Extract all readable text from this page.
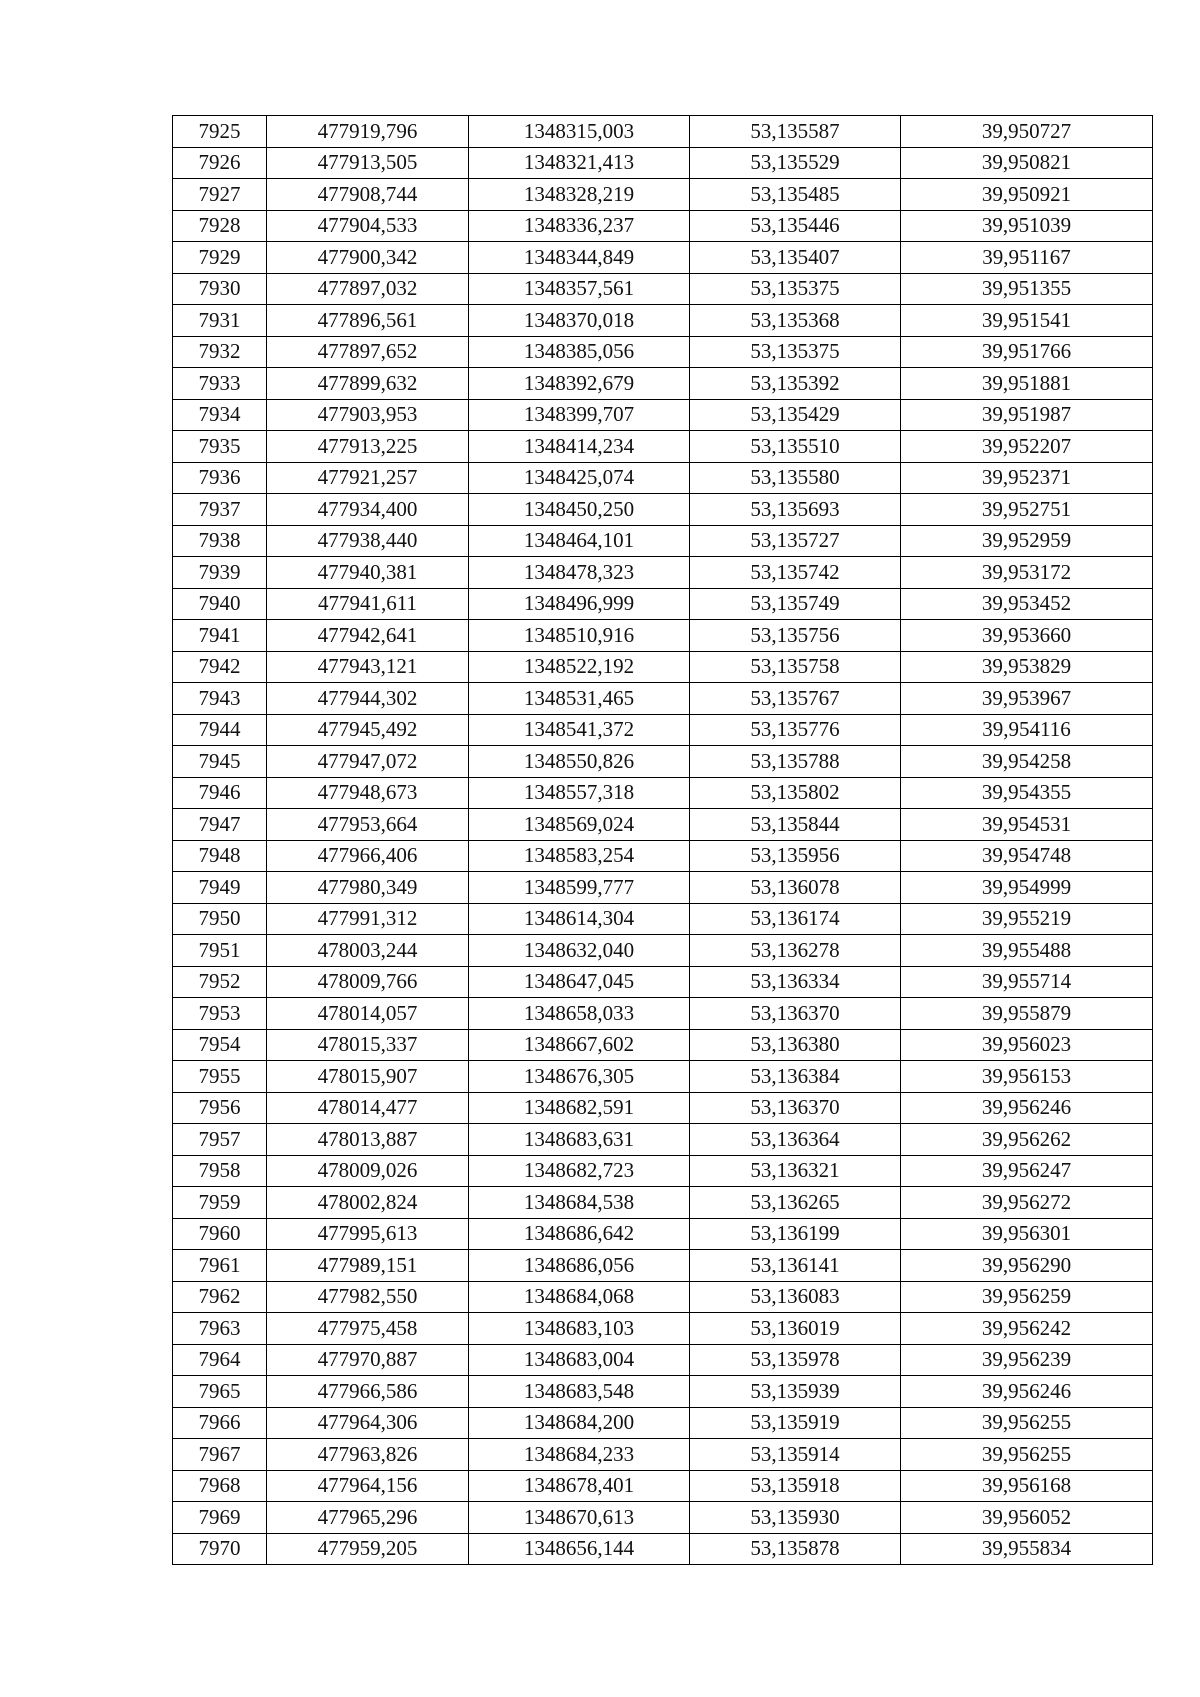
7925	477919,796	1348315,003	53,135587	39,950727
7926	477913,505	1348321,413	53,135529	39,950821
7927	477908,744	1348328,219	53,135485	39,950921
7928	477904,533	1348336,237	53,135446	39,951039
7929	477900,342	1348344,849	53,135407	39,951167
7930	477897,032	1348357,561	53,135375	39,951355
7931	477896,561	1348370,018	53,135368	39,951541
7932	477897,652	1348385,056	53,135375	39,951766
7933	477899,632	1348392,679	53,135392	39,951881
7934	477903,953	1348399,707	53,135429	39,951987
7935	477913,225	1348414,234	53,135510	39,952207
7936	477921,257	1348425,074	53,135580	39,952371
7937	477934,400	1348450,250	53,135693	39,952751
7938	477938,440	1348464,101	53,135727	39,952959
7939	477940,381	1348478,323	53,135742	39,953172
7940	477941,611	1348496,999	53,135749	39,953452
7941	477942,641	1348510,916	53,135756	39,953660
7942	477943,121	1348522,192	53,135758	39,953829
7943	477944,302	1348531,465	53,135767	39,953967
7944	477945,492	1348541,372	53,135776	39,954116
7945	477947,072	1348550,826	53,135788	39,954258
7946	477948,673	1348557,318	53,135802	39,954355
7947	477953,664	1348569,024	53,135844	39,954531
7948	477966,406	1348583,254	53,135956	39,954748
7949	477980,349	1348599,777	53,136078	39,954999
7950	477991,312	1348614,304	53,136174	39,955219
7951	478003,244	1348632,040	53,136278	39,955488
7952	478009,766	1348647,045	53,136334	39,955714
7953	478014,057	1348658,033	53,136370	39,955879
7954	478015,337	1348667,602	53,136380	39,956023
7955	478015,907	1348676,305	53,136384	39,956153
7956	478014,477	1348682,591	53,136370	39,956246
7957	478013,887	1348683,631	53,136364	39,956262
7958	478009,026	1348682,723	53,136321	39,956247
7959	478002,824	1348684,538	53,136265	39,956272
7960	477995,613	1348686,642	53,136199	39,956301
7961	477989,151	1348686,056	53,136141	39,956290
7962	477982,550	1348684,068	53,136083	39,956259
7963	477975,458	1348683,103	53,136019	39,956242
7964	477970,887	1348683,004	53,135978	39,956239
7965	477966,586	1348683,548	53,135939	39,956246
7966	477964,306	1348684,200	53,135919	39,956255
7967	477963,826	1348684,233	53,135914	39,956255
7968	477964,156	1348678,401	53,135918	39,956168
7969	477965,296	1348670,613	53,135930	39,956052
7970	477959,205	1348656,144	53,135878	39,955834
